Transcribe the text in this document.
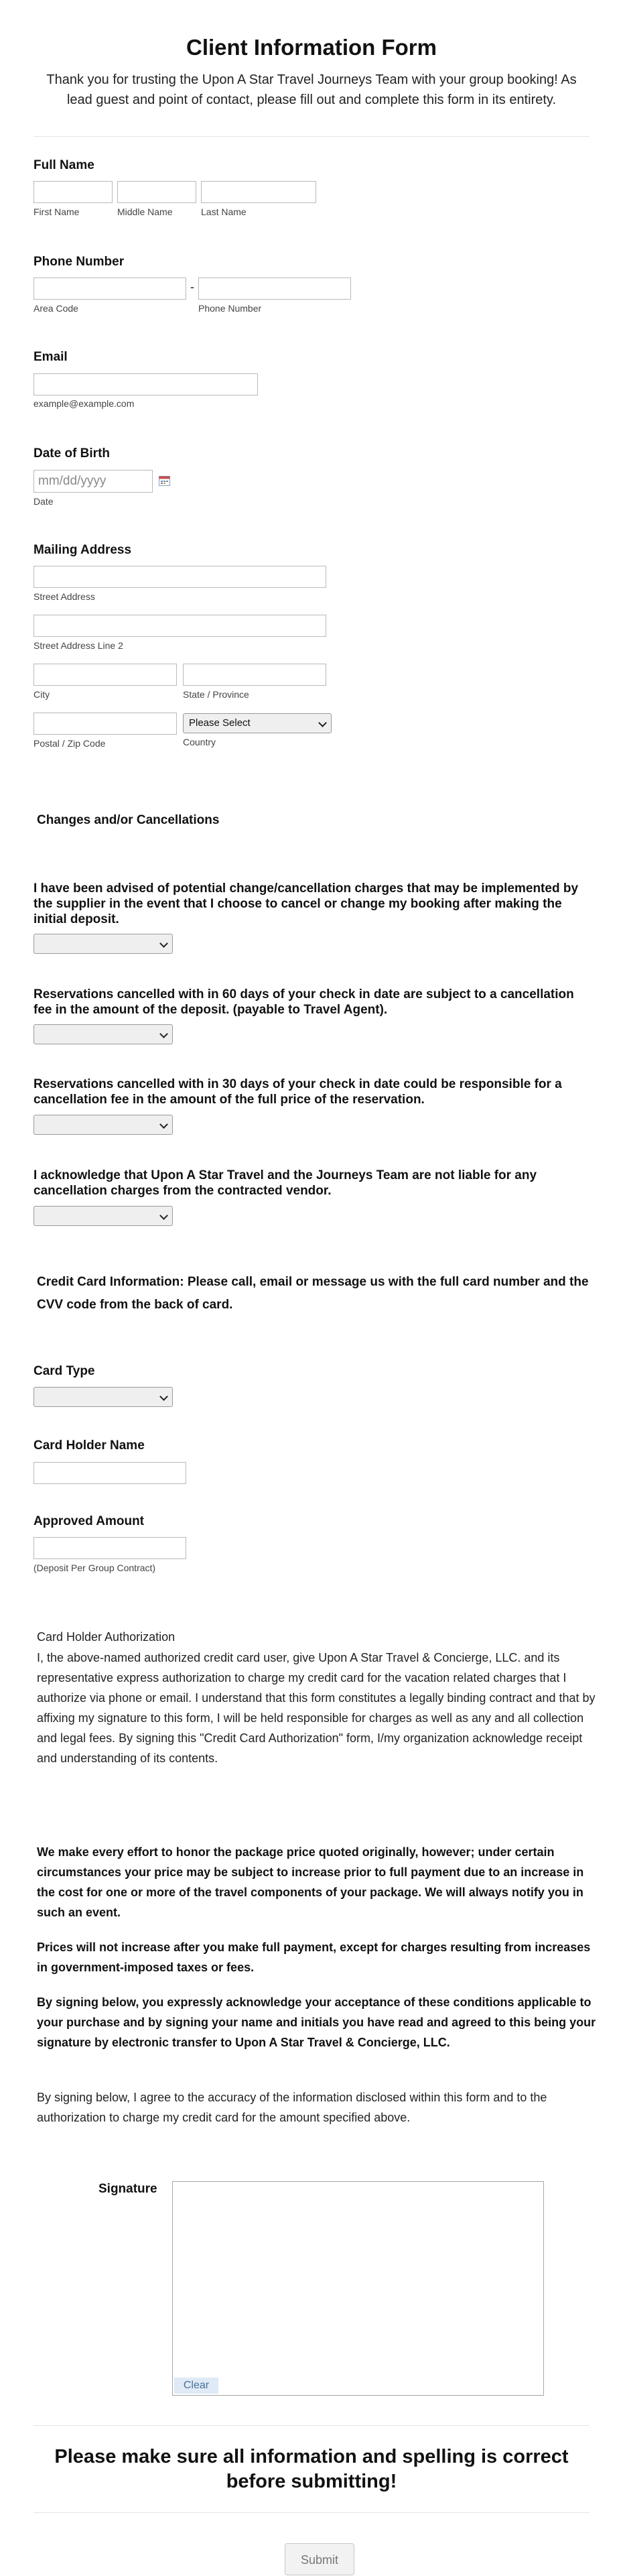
Client Information Form
Thank you for trusting the Upon A Star Travel Journeys Team with your group booking! As lead guest and point of contact, please fill out and complete this form in its entirety.
Full Name
First Name	Middle Name	Last Name
Phone Number
-
Area Code	Phone Number
Email
example@example.com
Date of Birth
mm/dd/yyyy
Date
Mailing Address
Street Address
Street Address Line 2
City	State / Province
Please Select
Postal / Zip Code	Country
Changes and/or Cancellations
I have been advised of potential change/cancellation charges that may be implemented by the supplier in the event that I choose to cancel or change my booking after making the initial deposit.
Reservations cancelled with in 60 days of your check in date are subject to a cancellation fee in the amount of the deposit. (payable to Travel Agent).
Reservations cancelled with in 30 days of your check in date could be responsible for a cancellation fee in the amount of the full price of the reservation.
I acknowledge that Upon A Star Travel and the Journeys Team are not liable for any cancellation charges from the contracted vendor.
Credit Card Information: Please call, email or message us with the full card number and the CVV code from the back of card.
Card Type
Card Holder Name
Approved Amount
(Deposit Per Group Contract)
Card Holder Authorization
I, the above-named authorized credit card user, give Upon A Star Travel & Concierge, LLC. and its representative express authorization to charge my credit card for the vacation related charges that I authorize via phone or email. I understand that this form constitutes a legally binding contract and that by affixing my signature to this form, I will be held responsible for charges as well as any and all collection and legal fees. By signing this "Credit Card Authorization" form, I/my organization acknowledge receipt and understanding of its contents.
We make every effort to honor the package price quoted originally, however; under certain circumstances your price may be subject to increase prior to full payment due to an increase in the cost for one or more of the travel components of your package. We will always notify you in such an event.
Prices will not increase after you make full payment, except for charges resulting from increases in government-imposed taxes or fees.
By signing below, you expressly acknowledge your acceptance of these conditions applicable to your purchase and by signing your name and initials you have read and agreed to this being your signature by electronic transfer to Upon A Star Travel & Concierge, LLC.
By signing below, I agree to the accuracy of the information disclosed within this form and to the authorization to charge my credit card for the amount specified above.
Signature
Clear
Please make sure all information and spelling is correct before submitting!
Submit
